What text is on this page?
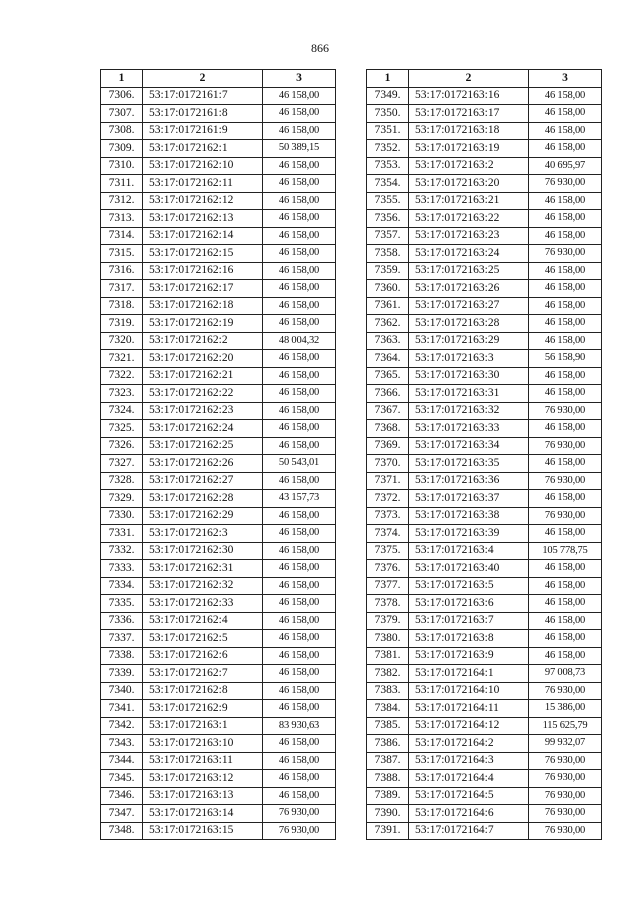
866
1	2	3
7306.	53:17:0172161:7	46 158,00
7307.	53:17:0172161:8	46 158,00
7308.	53:17:0172161:9	46 158,00
7309.	53:17:0172162:1	50 389,15
7310.	53:17:0172162:10	46 158,00
7311.	53:17:0172162:11	46 158,00
7312.	53:17:0172162:12	46 158,00
7313.	53:17:0172162:13	46 158,00
7314.	53:17:0172162:14	46 158,00
7315.	53:17:0172162:15	46 158,00
7316.	53:17:0172162:16	46 158,00
7317.	53:17:0172162:17	46 158,00
7318.	53:17:0172162:18	46 158,00
7319.	53:17:0172162:19	46 158,00
7320.	53:17:0172162:2	48 004,32
7321.	53:17:0172162:20	46 158,00
7322.	53:17:0172162:21	46 158,00
7323.	53:17:0172162:22	46 158,00
7324.	53:17:0172162:23	46 158,00
7325.	53:17:0172162:24	46 158,00
7326.	53:17:0172162:25	46 158,00
7327.	53:17:0172162:26	50 543,01
7328.	53:17:0172162:27	46 158,00
7329.	53:17:0172162:28	43 157,73
7330.	53:17:0172162:29	46 158,00
7331.	53:17:0172162:3	46 158,00
7332.	53:17:0172162:30	46 158,00
7333.	53:17:0172162:31	46 158,00
7334.	53:17:0172162:32	46 158,00
7335.	53:17:0172162:33	46 158,00
7336.	53:17:0172162:4	46 158,00
7337.	53:17:0172162:5	46 158,00
7338.	53:17:0172162:6	46 158,00
7339.	53:17:0172162:7	46 158,00
7340.	53:17:0172162:8	46 158,00
7341.	53:17:0172162:9	46 158,00
7342.	53:17:0172163:1	83 930,63
7343.	53:17:0172163:10	46 158,00
7344.	53:17:0172163:11	46 158,00
7345.	53:17:0172163:12	46 158,00
7346.	53:17:0172163:13	46 158,00
7347.	53:17:0172163:14	76 930,00
7348.	53:17:0172163:15	76 930,00
1	2	3
7349.	53:17:0172163:16	46 158,00
7350.	53:17:0172163:17	46 158,00
7351.	53:17:0172163:18	46 158,00
7352.	53:17:0172163:19	46 158,00
7353.	53:17:0172163:2	40 695,97
7354.	53:17:0172163:20	76 930,00
7355.	53:17:0172163:21	46 158,00
7356.	53:17:0172163:22	46 158,00
7357.	53:17:0172163:23	46 158,00
7358.	53:17:0172163:24	76 930,00
7359.	53:17:0172163:25	46 158,00
7360.	53:17:0172163:26	46 158,00
7361.	53:17:0172163:27	46 158,00
7362.	53:17:0172163:28	46 158,00
7363.	53:17:0172163:29	46 158,00
7364.	53:17:0172163:3	56 158,90
7365.	53:17:0172163:30	46 158,00
7366.	53:17:0172163:31	46 158,00
7367.	53:17:0172163:32	76 930,00
7368.	53:17:0172163:33	46 158,00
7369.	53:17:0172163:34	76 930,00
7370.	53:17:0172163:35	46 158,00
7371.	53:17:0172163:36	76 930,00
7372.	53:17:0172163:37	46 158,00
7373.	53:17:0172163:38	76 930,00
7374.	53:17:0172163:39	46 158,00
7375.	53:17:0172163:4	105 778,75
7376.	53:17:0172163:40	46 158,00
7377.	53:17:0172163:5	46 158,00
7378.	53:17:0172163:6	46 158,00
7379.	53:17:0172163:7	46 158,00
7380.	53:17:0172163:8	46 158,00
7381.	53:17:0172163:9	46 158,00
7382.	53:17:0172164:1	97 008,73
7383.	53:17:0172164:10	76 930,00
7384.	53:17:0172164:11	15 386,00
7385.	53:17:0172164:12	115 625,79
7386.	53:17:0172164:2	99 932,07
7387.	53:17:0172164:3	76 930,00
7388.	53:17:0172164:4	76 930,00
7389.	53:17:0172164:5	76 930,00
7390.	53:17:0172164:6	76 930,00
7391.	53:17:0172164:7	76 930,00
